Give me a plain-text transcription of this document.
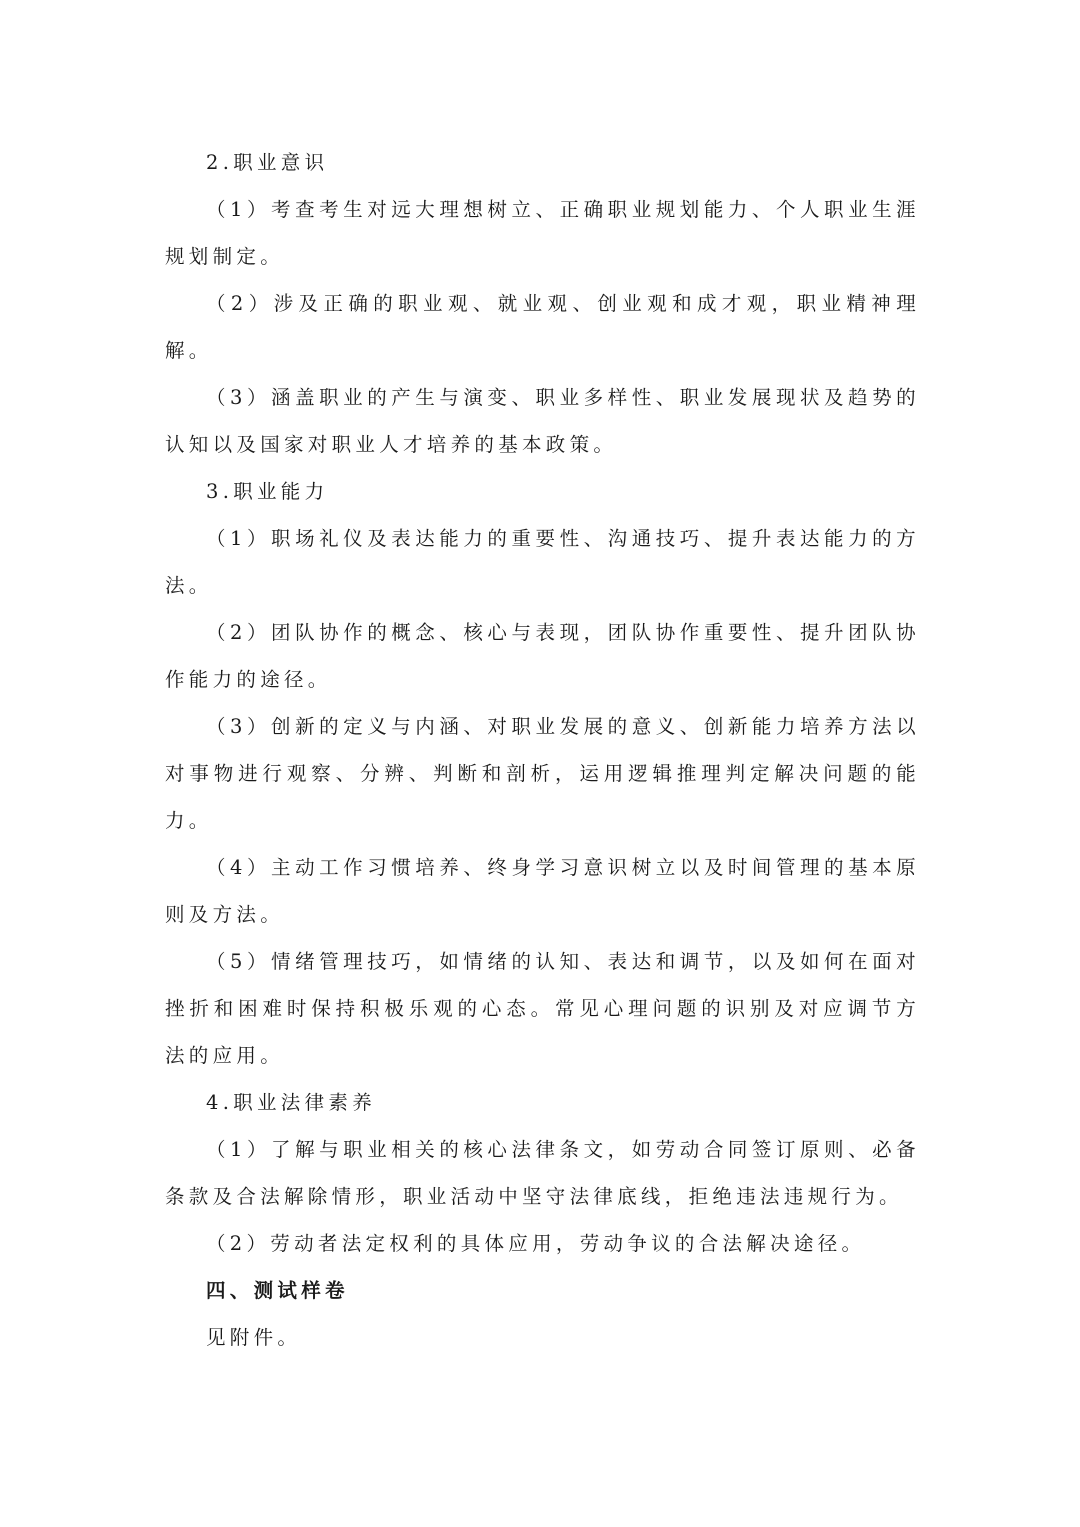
2.职业意识

（1）考查考生对远大理想树立、正确职业规划能力、个人职业生涯规划制定。

（2）涉及正确的职业观、就业观、创业观和成才观，职业精神理解。

（3）涵盖职业的产生与演变、职业多样性、职业发展现状及趋势的认知以及国家对职业人才培养的基本政策。

3.职业能力

（1）职场礼仪及表达能力的重要性、沟通技巧、提升表达能力的方法。

（2）团队协作的概念、核心与表现，团队协作重要性、提升团队协作能力的途径。

（3）创新的定义与内涵、对职业发展的意义、创新能力培养方法以对事物进行观察、分辨、判断和剖析，运用逻辑推理判定解决问题的能力。

（4）主动工作习惯培养、终身学习意识树立以及时间管理的基本原则及方法。

（5）情绪管理技巧，如情绪的认知、表达和调节，以及如何在面对挫折和困难时保持积极乐观的心态。常见心理问题的识别及对应调节方法的应用。

4.职业法律素养

（1）了解与职业相关的核心法律条文，如劳动合同签订原则、必备条款及合法解除情形，职业活动中坚守法律底线，拒绝违法违规行为。

（2）劳动者法定权利的具体应用，劳动争议的合法解决途径。

四、测试样卷

见附件。
